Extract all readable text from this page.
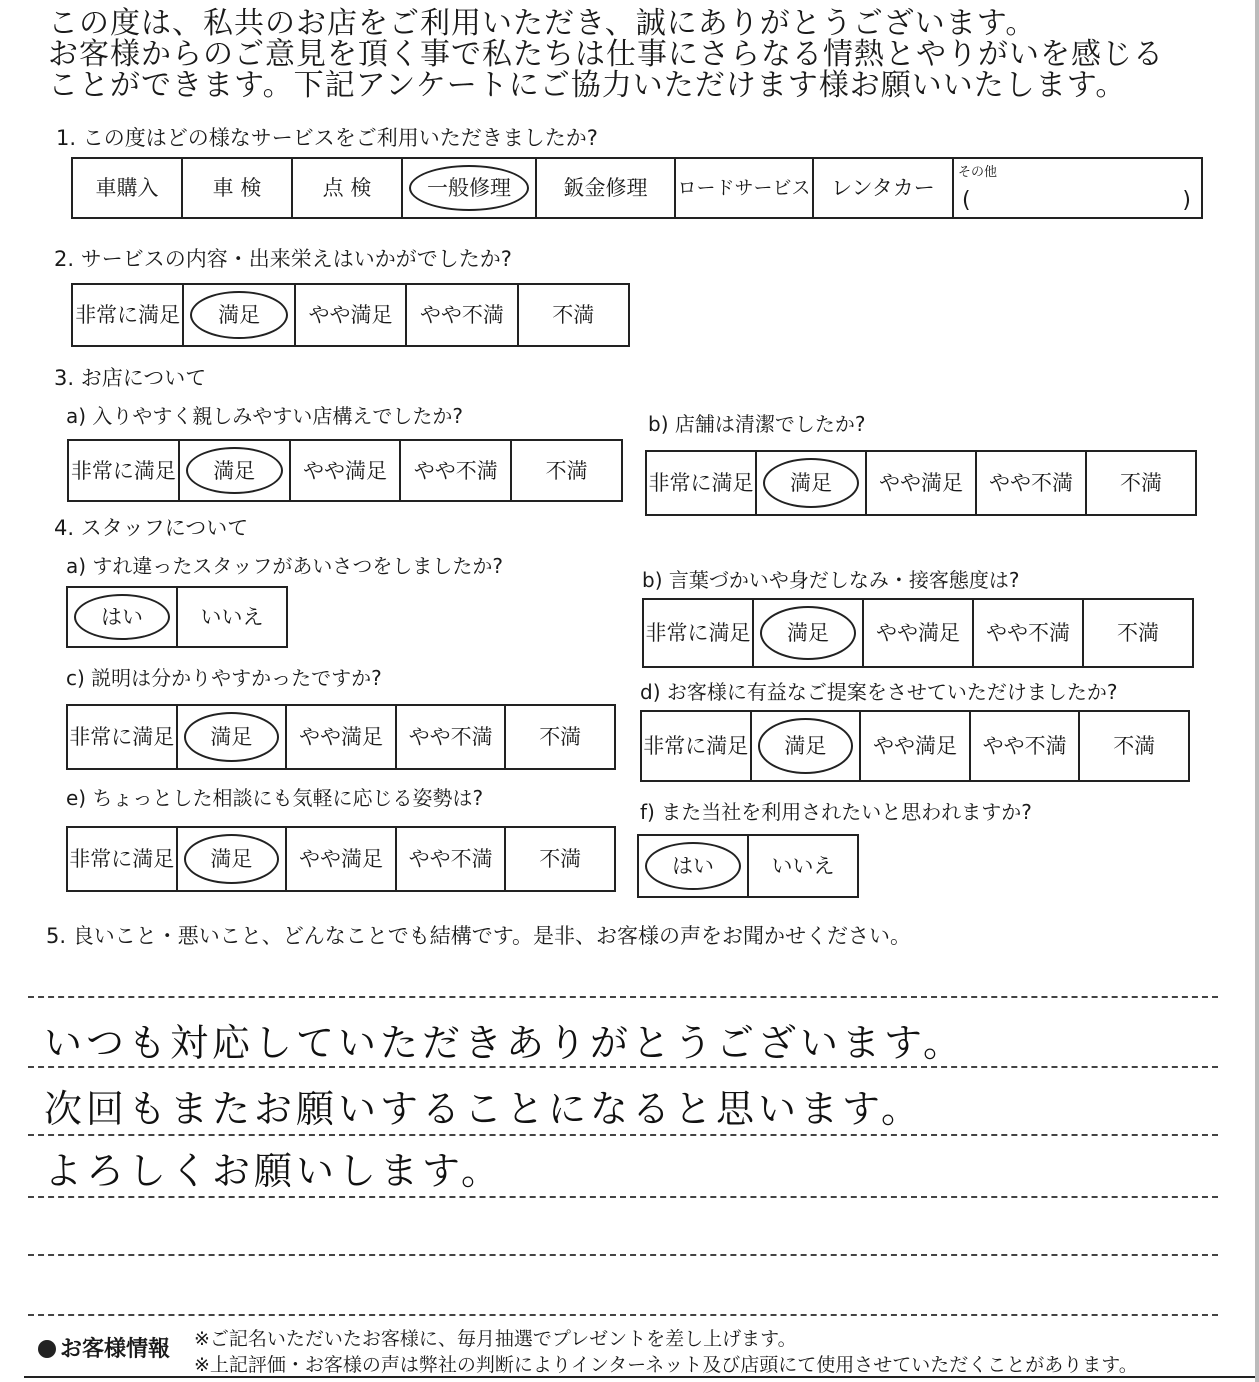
この度は、私共のお店をご利用いただき、誠にありがとうございます。
お客様からのご意見を頂く事で私たちは仕事にさらなる情熱とやりがいを感じる
ことができます。下記アンケートにご協力いただけます様お願いいたします。
1. この度はどの様なサービスをご利用いただきましたか?
車購入	車 検	点 検	一般修理	鈑金修理	ロードサービス	レンタカー	
その他
(	)
2. サービスの内容・出来栄えはいかがでしたか?
非常に満足	満足	やや満足	やや不満	不満
3. お店について
a) 入りやすく親しみやすい店構えでしたか?
非常に満足	満足	やや満足	やや不満	不満
b) 店舗は清潔でしたか?
非常に満足	満足	やや満足	やや不満	不満
4. スタッフについて
a) すれ違ったスタッフがあいさつをしましたか?
はい	いいえ
b) 言葉づかいや身だしなみ・接客態度は?
非常に満足	満足	やや満足	やや不満	不満
c) 説明は分かりやすかったですか?
非常に満足	満足	やや満足	やや不満	不満
d) お客様に有益なご提案をさせていただけましたか?
非常に満足	満足	やや満足	やや不満	不満
e) ちょっとした相談にも気軽に応じる姿勢は?
非常に満足	満足	やや満足	やや不満	不満
f) また当社を利用されたいと思われますか?
はい	いいえ
5. 良いこと・悪いこと、どんなことでも結構です。是非、お客様の声をお聞かせください。
いつも対応していただきありがとうございます。
次回もまたお願いすることになると思います。
よろしくお願いします。
お客様情報 ※ご記名いただいたお客様に、毎月抽選でプレゼントを差し上げます。
※上記評価・お客様の声は弊社の判断によりインターネット及び店頭にて使用させていただくことがあります。
